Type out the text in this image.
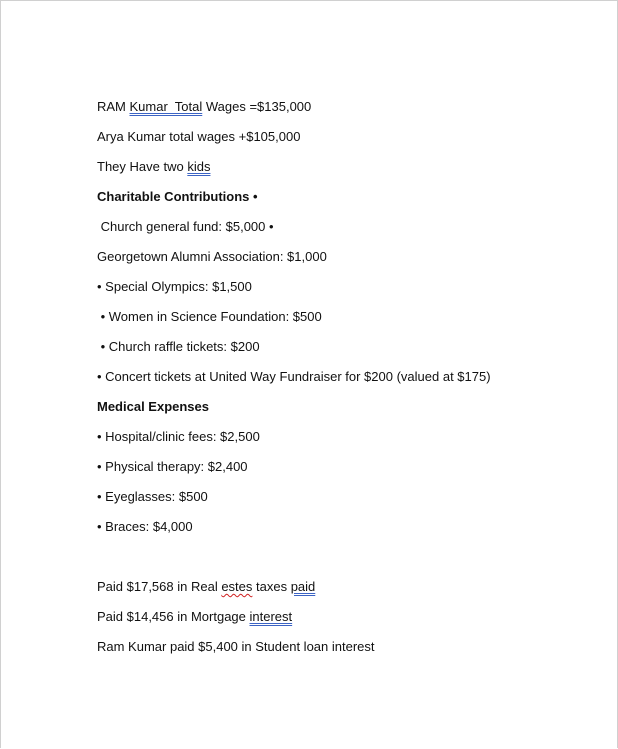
RAM Kumar  Total Wages =$135,000
Arya Kumar total wages +$105,000
They Have two kids
Charitable Contributions •
Church general fund: $5,000 •
Georgetown Alumni Association: $1,000
• Special Olympics: $1,500
• Women in Science Foundation: $500
• Church raffle tickets: $200
• Concert tickets at United Way Fundraiser for $200 (valued at $175)
Medical Expenses
• Hospital/clinic fees: $2,500
• Physical therapy: $2,400
• Eyeglasses: $500
• Braces: $4,000
Paid $17,568 in Real estes taxes paid
Paid $14,456 in Mortgage interest
Ram Kumar paid $5,400 in Student loan interest
